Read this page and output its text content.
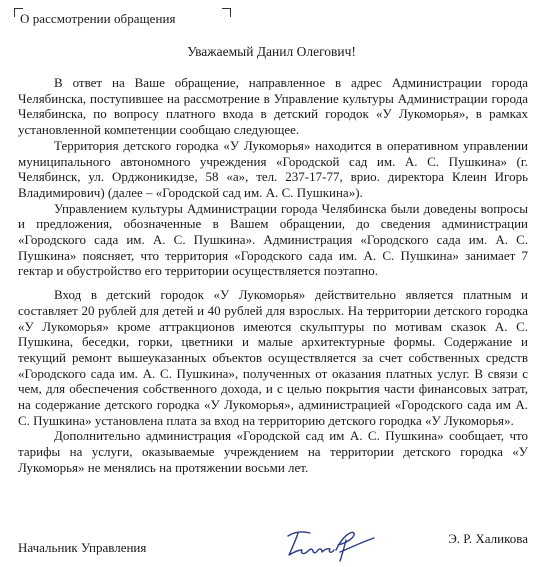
О рассмотрении обращения
Уважаемый Данил Олегович!

В ответ на Ваше обращение, направленное в адрес Администрации города Челябинска, поступившее на рассмотрение в Управление культуры Администрации города Челябинска, по вопросу платного входа в детский городок «У Лукоморья», в рамках установленной компетенции сообщаю следующее.

Территория детского городка «У Лукоморья» находится в оперативном управлении муниципального автономного учреждения «Городской сад им. А. С. Пушкина» (г. Челябинск, ул. Орджоникидзе, 58 «а», тел. 237-17-77, врио. директора Клеин Игорь Владимирович) (далее – «Городской сад им. А. С. Пушкина»).

Управлением культуры Администрации города Челябинска были доведены вопросы и предложения, обозначенные в Вашем обращении, до сведения администрации «Городского сада им. А. С. Пушкина». Администрация «Городского сада им. А. С. Пушкина» поясняет, что территория «Городского сада им. А. С. Пушкина» занимает 7 гектар и обустройство его территории осуществляется поэтапно.

Вход в детский городок «У Лукоморья» действительно является платным и составляет 20 рублей для детей и 40 рублей для взрослых. На территории детского городка «У Лукоморья» кроме аттракционов имеются скульптуры по мотивам сказок А. С. Пушкина, беседки, горки, цветники и малые архитектурные формы. Содержание и текущий ремонт вышеуказанных объектов осуществляется за счет собственных средств «Городского сада им. А. С. Пушкина», полученных от оказания платных услуг. В связи с чем, для обеспечения собственного дохода, и с целью покрытия части финансовых затрат, на содержание детского городка «У Лукоморья», администрацией «Городского сада им А. С. Пушкина» установлена плата за вход на территорию детского городка «У Лукоморья».

Дополнительно администрация «Городской сад им А. С. Пушкина» сообщает, что тарифы на услуги, оказываемые учреждением на территории детского городка «У Лукоморья» не менялись на протяжении восьми лет.

Начальник Управления
Э. Р. Халикова
